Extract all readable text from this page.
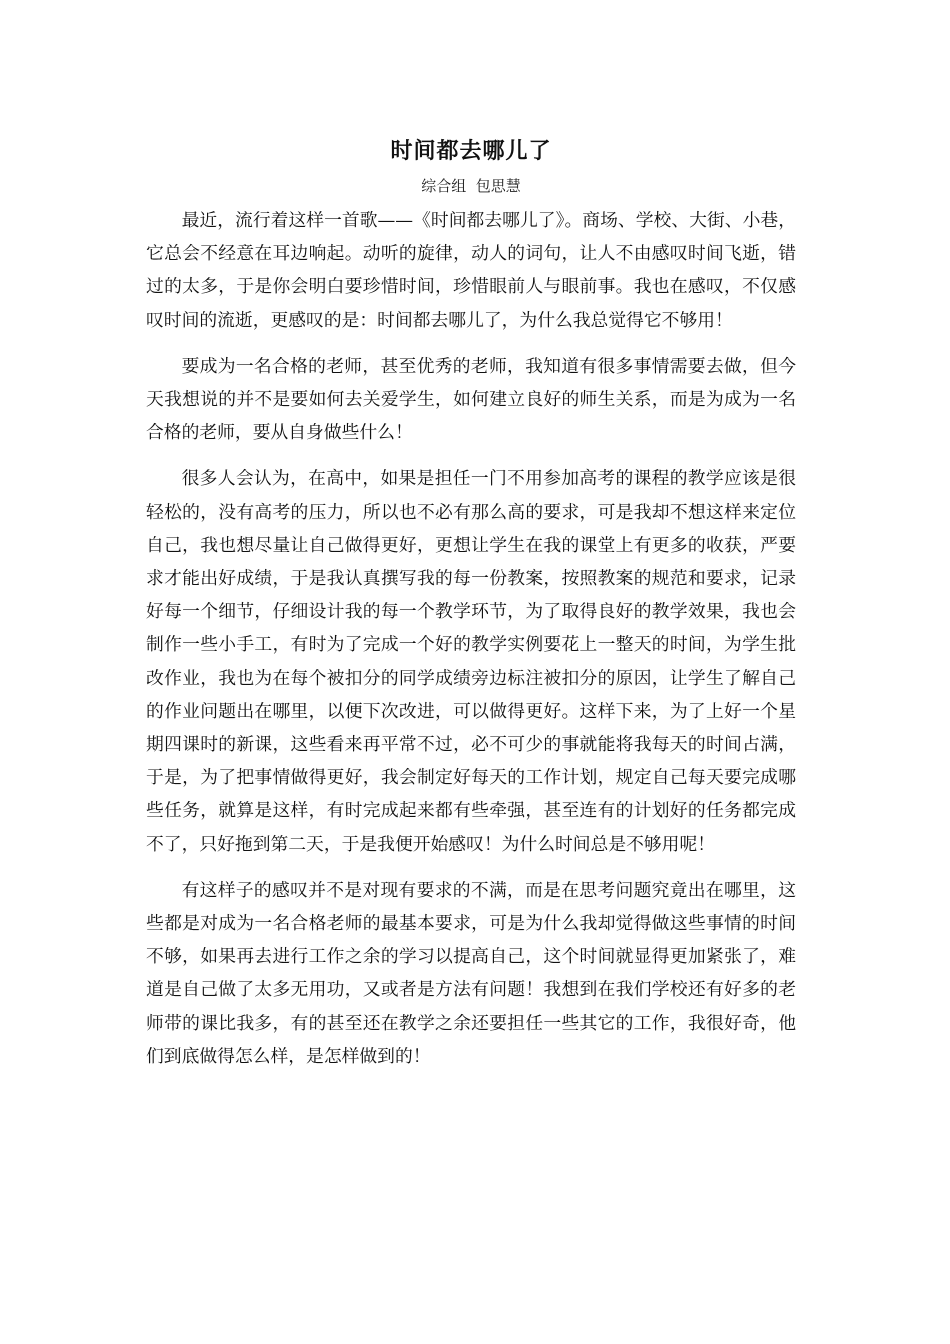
时间都去哪儿了
综合组  包思慧

最近，流行着这样一首歌——《时间都去哪儿了》。商场、学校、大街、小巷，它总会不经意在耳边响起。动听的旋律，动人的词句，让人不由感叹时间飞逝，错过的太多，于是你会明白要珍惜时间，珍惜眼前人与眼前事。我也在感叹，不仅感叹时间的流逝，更感叹的是：时间都去哪儿了，为什么我总觉得它不够用！

要成为一名合格的老师，甚至优秀的老师，我知道有很多事情需要去做，但今天我想说的并不是要如何去关爱学生，如何建立良好的师生关系，而是为成为一名合格的老师，要从自身做些什么！

很多人会认为，在高中，如果是担任一门不用参加高考的课程的教学应该是很轻松的，没有高考的压力，所以也不必有那么高的要求，可是我却不想这样来定位自己，我也想尽量让自己做得更好，更想让学生在我的课堂上有更多的收获，严要求才能出好成绩，于是我认真撰写我的每一份教案，按照教案的规范和要求，记录好每一个细节，仔细设计我的每一个教学环节，为了取得良好的教学效果，我也会制作一些小手工，有时为了完成一个好的教学实例要花上一整天的时间，为学生批改作业，我也为在每个被扣分的同学成绩旁边标注被扣分的原因，让学生了解自己的作业问题出在哪里，以便下次改进，可以做得更好。这样下来，为了上好一个星期四课时的新课，这些看来再平常不过，必不可少的事就能将我每天的时间占满，于是，为了把事情做得更好，我会制定好每天的工作计划，规定自己每天要完成哪些任务，就算是这样，有时完成起来都有些牵强，甚至连有的计划好的任务都完成不了，只好拖到第二天，于是我便开始感叹！为什么时间总是不够用呢！

有这样子的感叹并不是对现有要求的不满，而是在思考问题究竟出在哪里，这些都是对成为一名合格老师的最基本要求，可是为什么我却觉得做这些事情的时间不够，如果再去进行工作之余的学习以提高自己，这个时间就显得更加紧张了，难道是自己做了太多无用功，又或者是方法有问题！我想到在我们学校还有好多的老师带的课比我多，有的甚至还在教学之余还要担任一些其它的工作，我很好奇，他们到底做得怎么样，是怎样做到的！
